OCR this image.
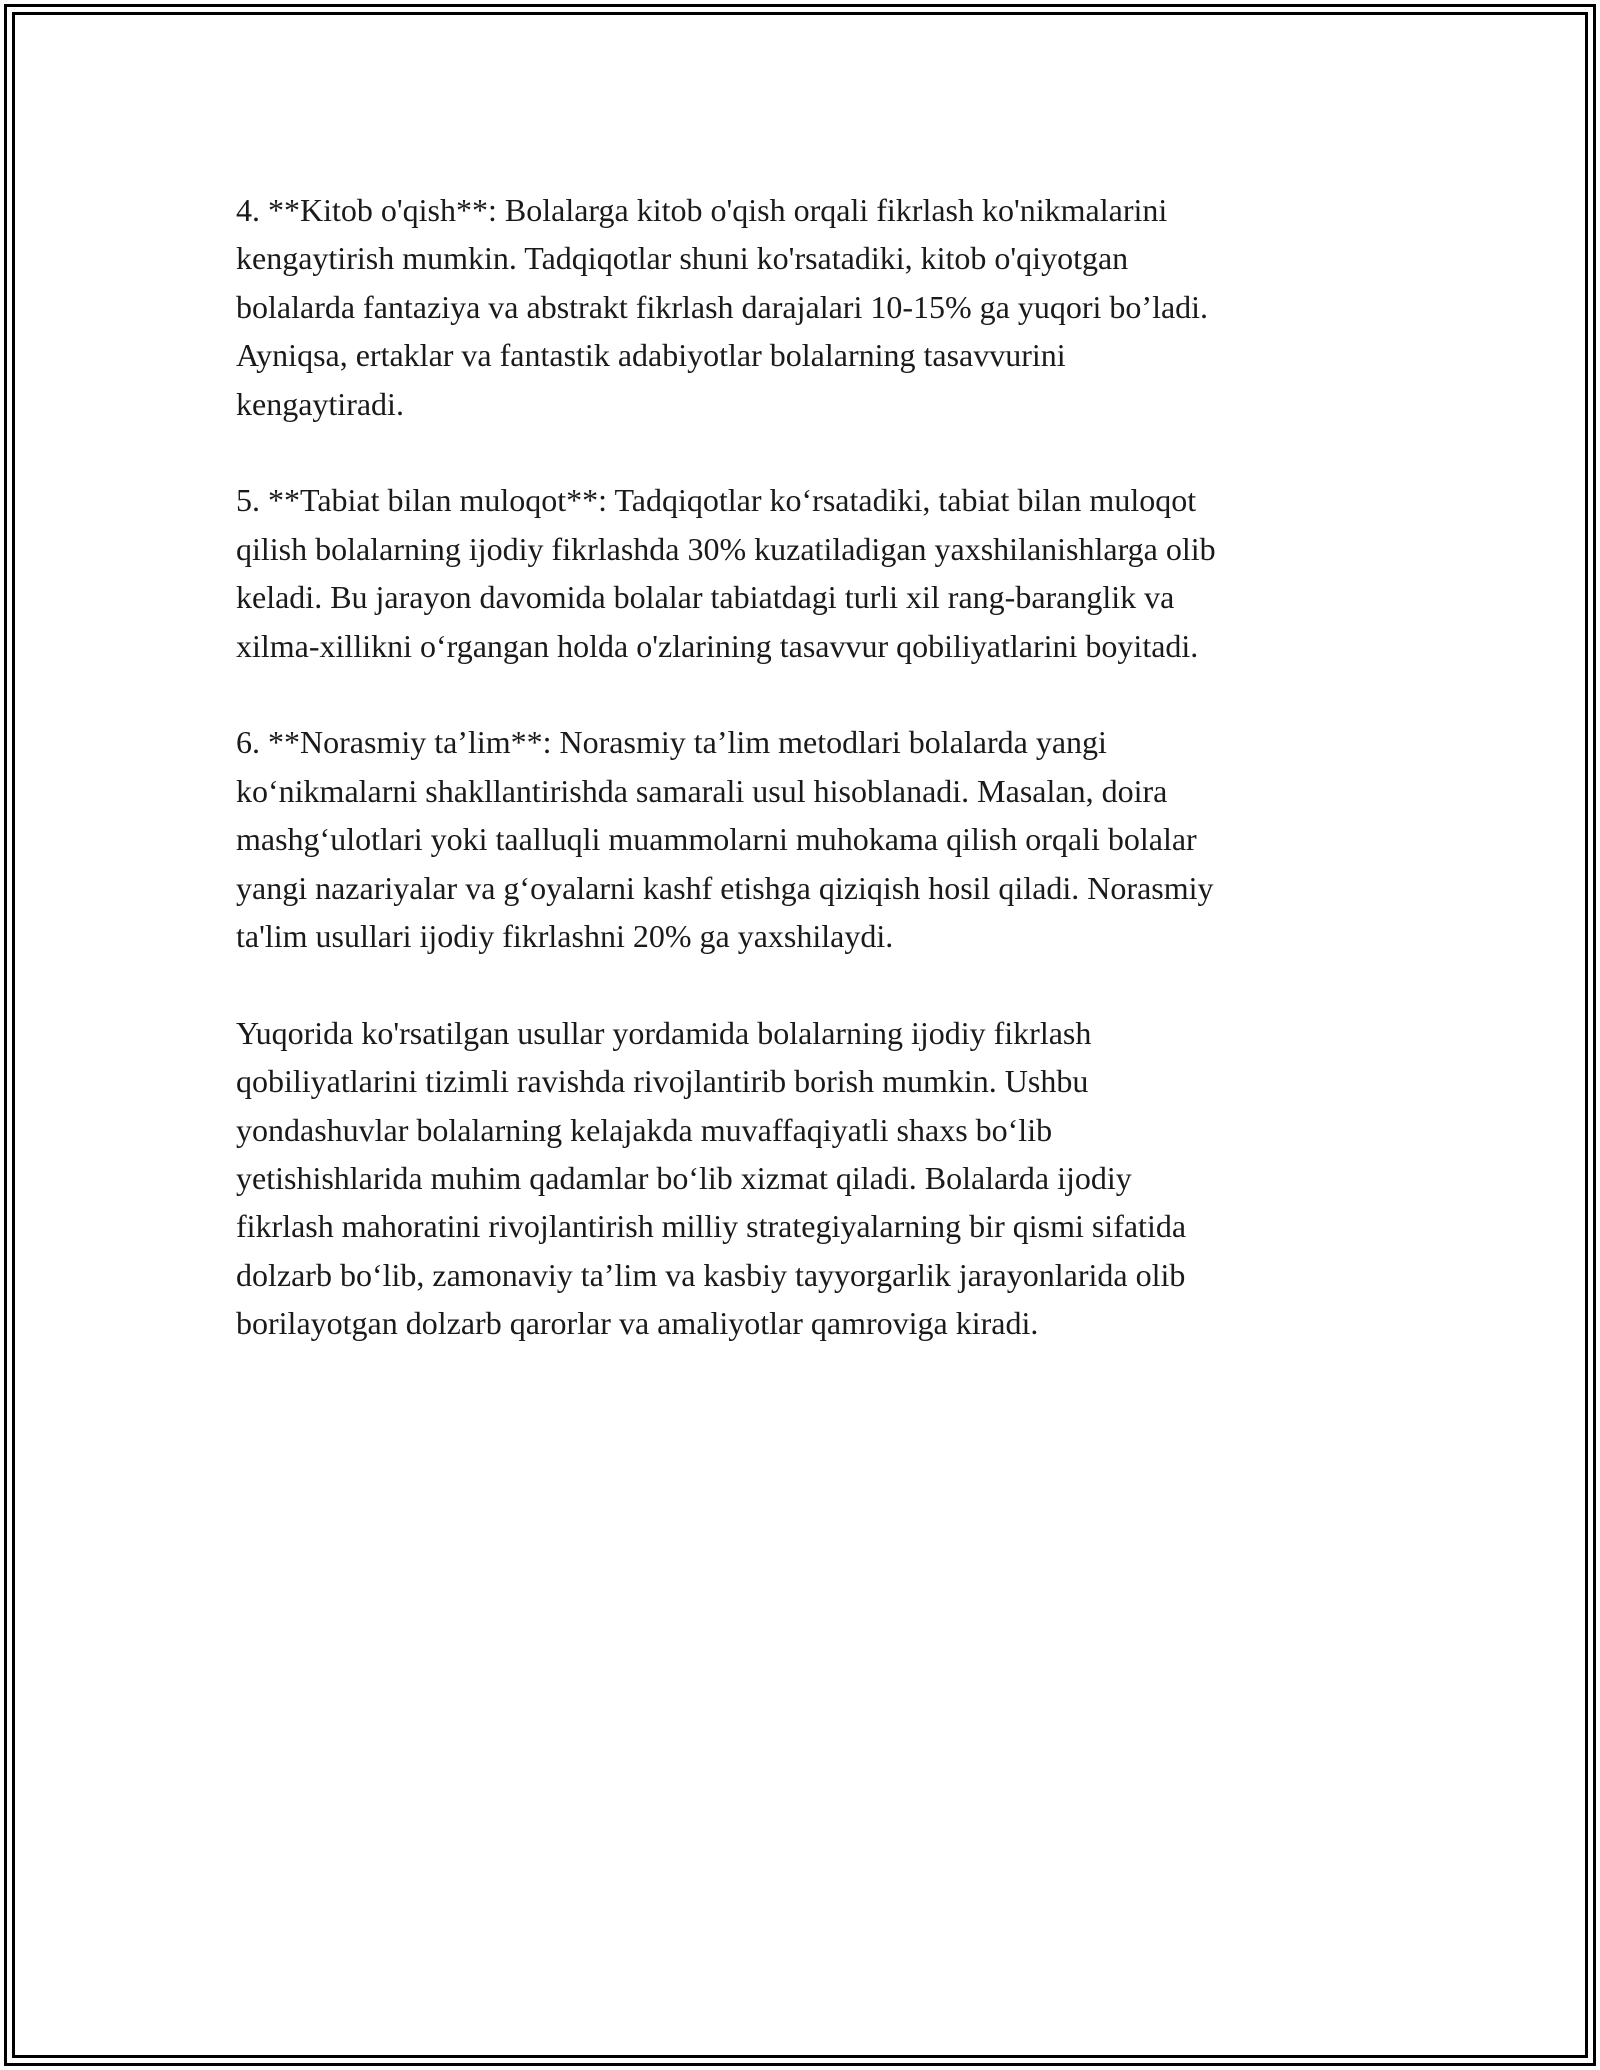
4. **Kitob o'qish**: Bolalarga kitob o'qish orqali fikrlash ko'nikmalarini
kengaytirish mumkin. Tadqiqotlar shuni ko'rsatadiki, kitob o'qiyotgan
bolalarda fantaziya va abstrakt fikrlash darajalari 10-15% ga yuqori bo’ladi.
Ayniqsa, ertaklar va fantastik adabiyotlar bolalarning tasavvurini
kengaytiradi.

5. **Tabiat bilan muloqot**: Tadqiqotlar koʻrsatadiki, tabiat bilan muloqot
qilish bolalarning ijodiy fikrlashda 30% kuzatiladigan yaxshilanishlarga olib
keladi. Bu jarayon davomida bolalar tabiatdagi turli xil rang-baranglik va
xilma-xillikni oʻrgangan holda o'zlarining tasavvur qobiliyatlarini boyitadi.

6. **Norasmiy ta’lim**: Norasmiy ta’lim metodlari bolalarda yangi
koʻnikmalarni shakllantirishda samarali usul hisoblanadi. Masalan, doira
mashgʻulotlari yoki taalluqli muammolarni muhokama qilish orqali bolalar
yangi nazariyalar va gʻoyalarni kashf etishga qiziqish hosil qiladi. Norasmiy
ta'lim usullari ijodiy fikrlashni 20% ga yaxshilaydi.

Yuqorida ko'rsatilgan usullar yordamida bolalarning ijodiy fikrlash
qobiliyatlarini tizimli ravishda rivojlantirib borish mumkin. Ushbu
yondashuvlar bolalarning kelajakda muvaffaqiyatli shaxs boʻlib
yetishishlarida muhim qadamlar boʻlib xizmat qiladi. Bolalarda ijodiy
fikrlash mahoratini rivojlantirish milliy strategiyalarning bir qismi sifatida
dolzarb boʻlib, zamonaviy ta’lim va kasbiy tayyorgarlik jarayonlarida olib
borilayotgan dolzarb qarorlar va amaliyotlar qamroviga kiradi.
